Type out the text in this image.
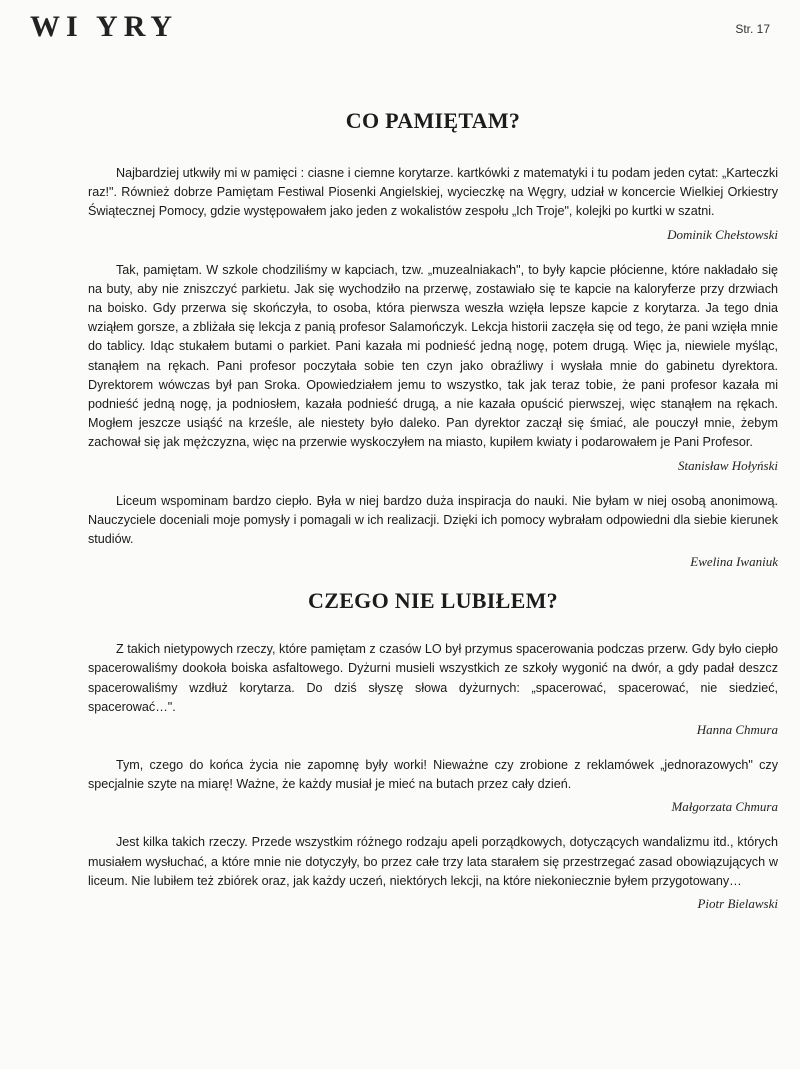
WI YRY	Str. 17
CO PAMIĘTAM?

Najbardziej utkwiły mi w pamięci : ciasne i ciemne korytarze. kartkówki z matematyki i tu podam jeden cytat: „Karteczki raz!". Również dobrze Pamiętam Festiwal Piosenki Angielskiej, wycieczkę na Węgry, udział w koncercie Wielkiej Orkiestry Świątecznej Pomocy, gdzie występowałem jako jeden z wokalistów zespołu „Ich Troje", kolejki po kurtki w szatni.

Dominik Chełstowski

Tak, pamiętam. W szkole chodziliśmy w kapciach, tzw. „muzealniakach", to były kapcie płócienne, które nakładało się na buty, aby nie zniszczyć parkietu. Jak się wychodziło na przerwę, zostawiało się te kapcie na kaloryferze przy drzwiach na boisko. Gdy przerwa się skończyła, to osoba, która pierwsza weszła wzięła lepsze kapcie z korytarza. Ja tego dnia wziąłem gorsze, a zbliżała się lekcja z panią profesor Salamończyk. Lekcja historii zaczęła się od tego, że pani wzięła mnie do tablicy. Idąc stukałem butami o parkiet. Pani kazała mi podnieść jedną nogę, potem drugą. Więc ja, niewiele myśląc, stanąłem na rękach. Pani profesor poczytała sobie ten czyn jako obraźliwy i wysłała mnie do gabinetu dyrektora. Dyrektorem wówczas był pan Sroka. Opowiedziałem jemu to wszystko, tak jak teraz tobie, że pani profesor kazała mi podnieść jedną nogę, ja podniosłem, kazała podnieść drugą, a nie kazała opuścić pierwszej, więc stanąłem na rękach. Mogłem jeszcze usiąść na krześle, ale niestety było daleko. Pan dyrektor zaczął się śmiać, ale pouczył mnie, żebym zachował się jak mężczyzna, więc na przerwie wyskoczyłem na miasto, kupiłem kwiaty i podarowałem je Pani Profesor.

Stanisław Hołyński

Liceum wspominam bardzo ciepło. Była w niej bardzo duża inspiracja do nauki. Nie byłam w niej osobą anonimową. Nauczyciele doceniali moje pomysły i pomagali w ich realizacji. Dzięki ich pomocy wybrałam odpowiedni dla siebie kierunek studiów.

Ewelina Iwaniuk
CZEGO NIE LUBIŁEM?

Z takich nietypowych rzeczy, które pamiętam z czasów LO był przymus spacerowania podczas przerw. Gdy było ciepło spacerowaliśmy dookoła boiska asfaltowego. Dyżurni musieli wszystkich ze szkoły wygonić na dwór, a gdy padał deszcz spacerowaliśmy wzdłuż korytarza. Do dziś słyszę słowa dyżurnych: „spacerować, spacerować, nie siedzieć, spacerować…".

Hanna Chmura

Tym, czego do końca życia nie zapomnę były worki! Nieważne czy zrobione z reklamówek „jednorazowych" czy specjalnie szyte na miarę! Ważne, że każdy musiał je mieć na butach przez cały dzień.

Małgorzata Chmura

Jest kilka takich rzeczy. Przede wszystkim różnego rodzaju apeli porządkowych, dotyczących wandalizmu itd., których musiałem wysłuchać, a które mnie nie dotyczyły, bo przez całe trzy lata starałem się przestrzegać zasad obowiązujących w liceum. Nie lubiłem też zbiórek oraz, jak każdy uczeń, niektórych lekcji, na które niekoniecznie byłem przygotowany…

Piotr Bielawski
